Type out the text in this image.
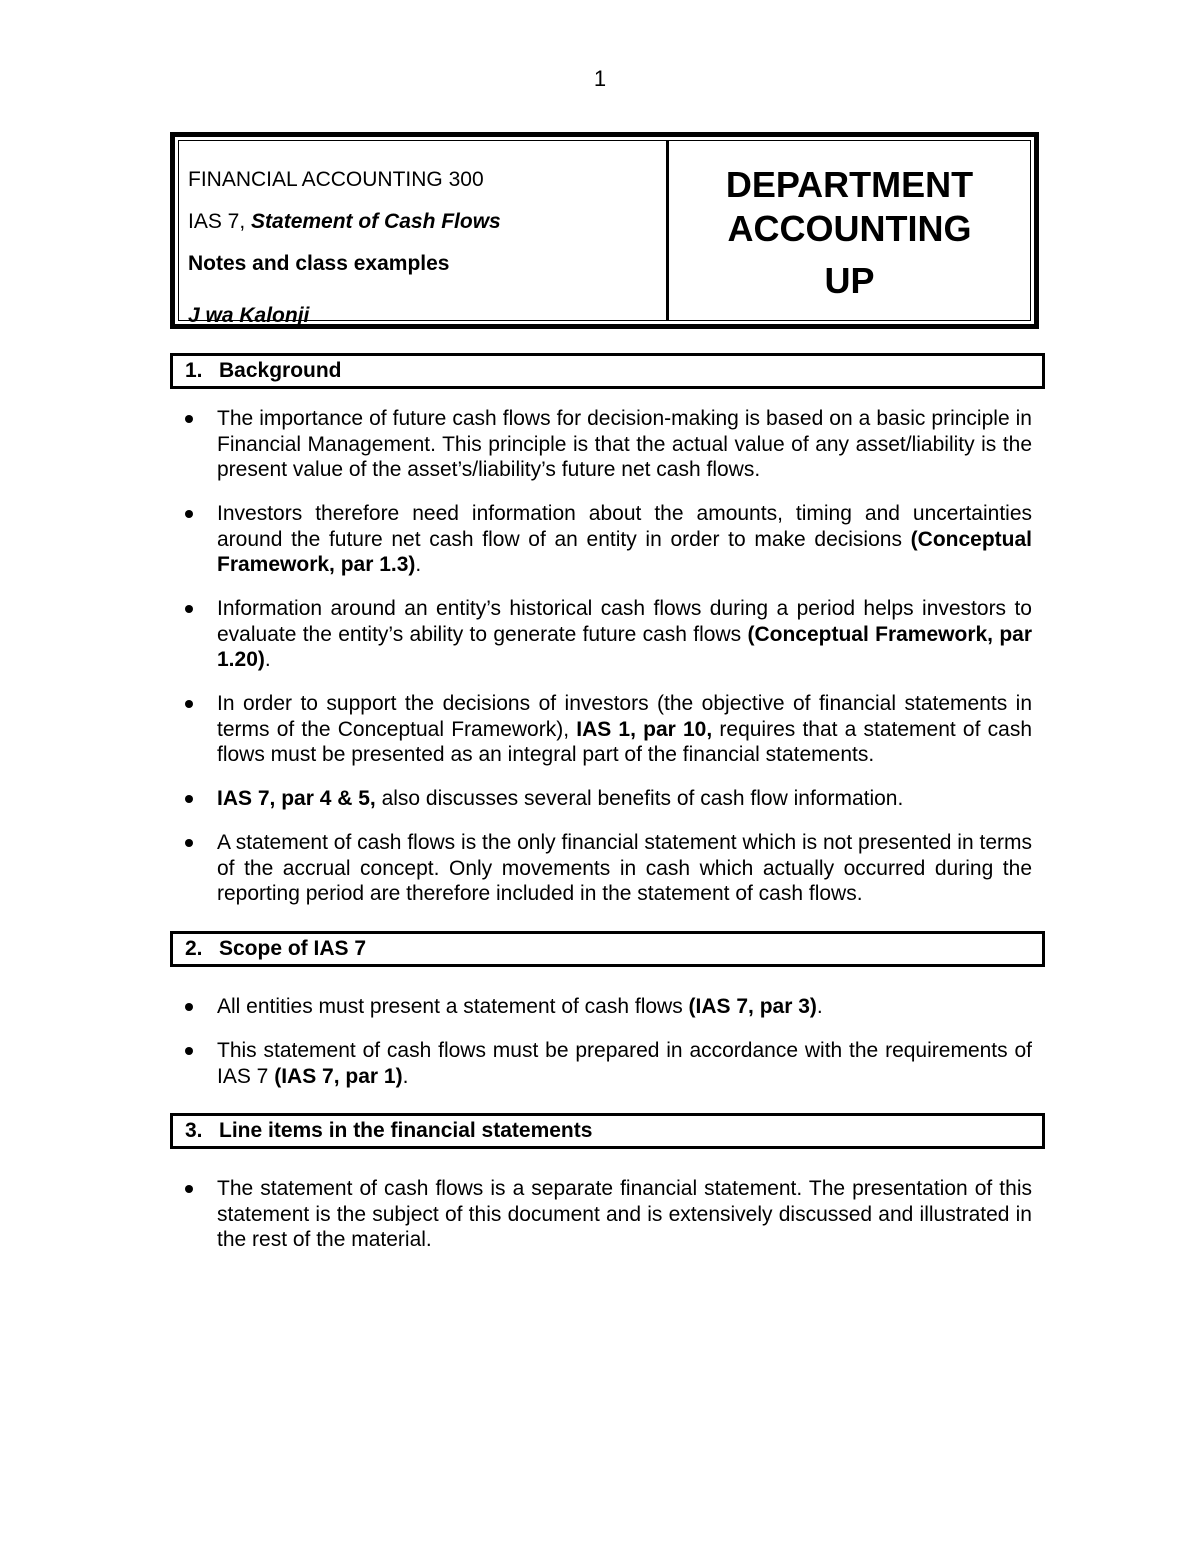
1
FINANCIAL ACCOUNTING 300
IAS 7, Statement of Cash Flows
Notes and class examples
J wa Kalonji
DEPARTMENT
ACCOUNTING
UP
1. Background
The importance of future cash flows for decision-making is based on a basic principle in Financial Management. This principle is that the actual value of any asset/liability is the present value of the asset’s/liability’s future net cash flows.
Investors therefore need information about the amounts, timing and uncertainties around the future net cash flow of an entity in order to make decisions (Conceptual Framework, par 1.3).
Information around an entity’s historical cash flows during a period helps investors to evaluate the entity’s ability to generate future cash flows (Conceptual Framework, par 1.20).
In order to support the decisions of investors (the objective of financial statements in terms of the Conceptual Framework), IAS 1, par 10, requires that a statement of cash flows must be presented as an integral part of the financial statements.
IAS 7, par 4 & 5, also discusses several benefits of cash flow information.
A statement of cash flows is the only financial statement which is not presented in terms of the accrual concept. Only movements in cash which actually occurred during the reporting period are therefore included in the statement of cash flows.
2. Scope of IAS 7
All entities must present a statement of cash flows (IAS 7, par 3).
This statement of cash flows must be prepared in accordance with the requirements of IAS 7 (IAS 7, par 1).
3. Line items in the financial statements
The statement of cash flows is a separate financial statement. The presentation of this statement is the subject of this document and is extensively discussed and illustrated in the rest of the material.
